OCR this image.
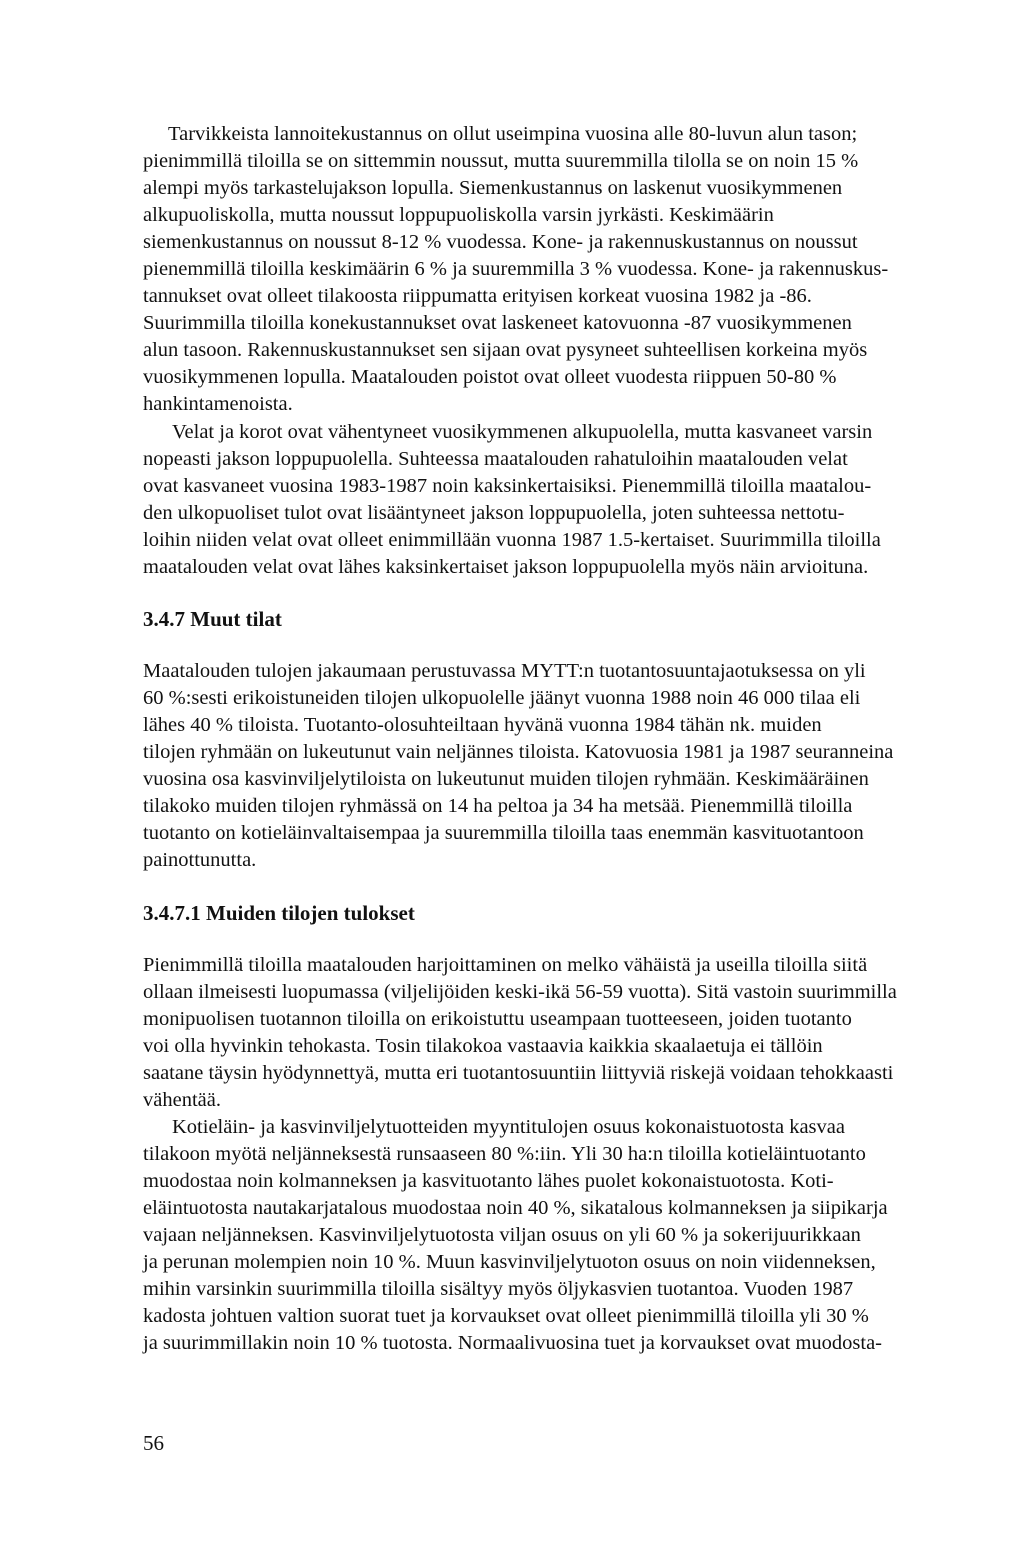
Tarvikkeista lannoitekustannus on ollut useimpina vuosina alle 80-luvun alun tason;
pienimmillä tiloilla se on sittemmin noussut, mutta suuremmilla tilolla se on noin 15 %
alempi myös tarkastelujakson lopulla. Siemenkustannus on laskenut vuosikymmenen
alkupuoliskolla, mutta noussut loppupuoliskolla varsin jyrkästi. Keskimäärin
siemenkustannus on noussut 8-12 % vuodessa. Kone- ja rakennuskustannus on noussut
pienemmillä tiloilla keskimäärin 6 % ja suuremmilla 3 % vuodessa. Kone- ja rakennuskus-
tannukset ovat olleet tilakoosta riippumatta erityisen korkeat vuosina 1982 ja -86.
Suurimmilla tiloilla konekustannukset ovat laskeneet katovuonna -87 vuosikymmenen
alun tasoon. Rakennuskustannukset sen sijaan ovat pysyneet suhteellisen korkeina myös
vuosikymmenen lopulla. Maatalouden poistot ovat olleet vuodesta riippuen 50-80 %
hankintamenoista.
Velat ja korot ovat vähentyneet vuosikymmenen alkupuolella, mutta kasvaneet varsin
nopeasti jakson loppupuolella. Suhteessa maatalouden rahatuloihin maatalouden velat
ovat kasvaneet vuosina 1983-1987 noin kaksinkertaisiksi. Pienemmillä tiloilla maatalou-
den ulkopuoliset tulot ovat lisääntyneet jakson loppupuolella, joten suhteessa nettotu-
loihin niiden velat ovat olleet enimmillään vuonna 1987 1.5-kertaiset. Suurimmilla tiloilla
maatalouden velat ovat lähes kaksinkertaiset jakson loppupuolella myös näin arvioituna.
3.4.7 Muut tilat
Maatalouden tulojen jakaumaan perustuvassa MYTT:n tuotantosuuntajaotuksessa on yli
60 %:sesti erikoistuneiden tilojen ulkopuolelle jäänyt vuonna 1988 noin 46 000 tilaa eli
lähes 40 % tiloista. Tuotanto-olosuhteiltaan hyvänä vuonna 1984 tähän nk. muiden
tilojen ryhmään on lukeutunut vain neljännes tiloista. Katovuosia 1981 ja 1987 seuranneina
vuosina osa kasvinviljelytiloista on lukeutunut muiden tilojen ryhmään. Keskimääräinen
tilakoko muiden tilojen ryhmässä on 14 ha peltoa ja 34 ha metsää. Pienemmillä tiloilla
tuotanto on kotieläinvaltaisempaa ja suuremmilla tiloilla taas enemmän kasvituotantoon
painottunutta.
3.4.7.1 Muiden tilojen tulokset
Pienimmillä tiloilla maatalouden harjoittaminen on melko vähäistä ja useilla tiloilla siitä
ollaan ilmeisesti luopumassa (viljelijöiden keski-ikä 56-59 vuotta). Sitä vastoin suurimmilla
monipuolisen tuotannon tiloilla on erikoistuttu useampaan tuotteeseen, joiden tuotanto
voi olla hyvinkin tehokasta. Tosin tilakokoa vastaavia kaikkia skaalaetuja ei tällöin
saatane täysin hyödynnettyä, mutta eri tuotantosuuntiin liittyviä riskejä voidaan tehokkaasti
vähentää.
Kotieläin- ja kasvinviljelytuotteiden myyntitulojen osuus kokonaistuotosta kasvaa
tilakoon myötä neljänneksestä runsaaseen 80 %:iin. Yli 30 ha:n tiloilla kotieläintuotanto
muodostaa noin kolmanneksen ja kasvituotanto lähes puolet kokonaistuotosta. Koti-
eläintuotosta nautakarjatalous muodostaa noin 40 %, sikatalous kolmanneksen ja siipikarja
vajaan neljänneksen. Kasvinviljelytuotosta viljan osuus on yli 60 % ja sokerijuurikkaan
ja perunan molempien noin 10 %. Muun kasvinviljelytuoton osuus on noin viidenneksen,
mihin varsinkin suurimmilla tiloilla sisältyy myös öljykasvien tuotantoa. Vuoden 1987
kadosta johtuen valtion suorat tuet ja korvaukset ovat olleet pienimmillä tiloilla yli 30 %
ja suurimmillakin noin 10 % tuotosta. Normaalivuosina tuet ja korvaukset ovat muodosta-
56
